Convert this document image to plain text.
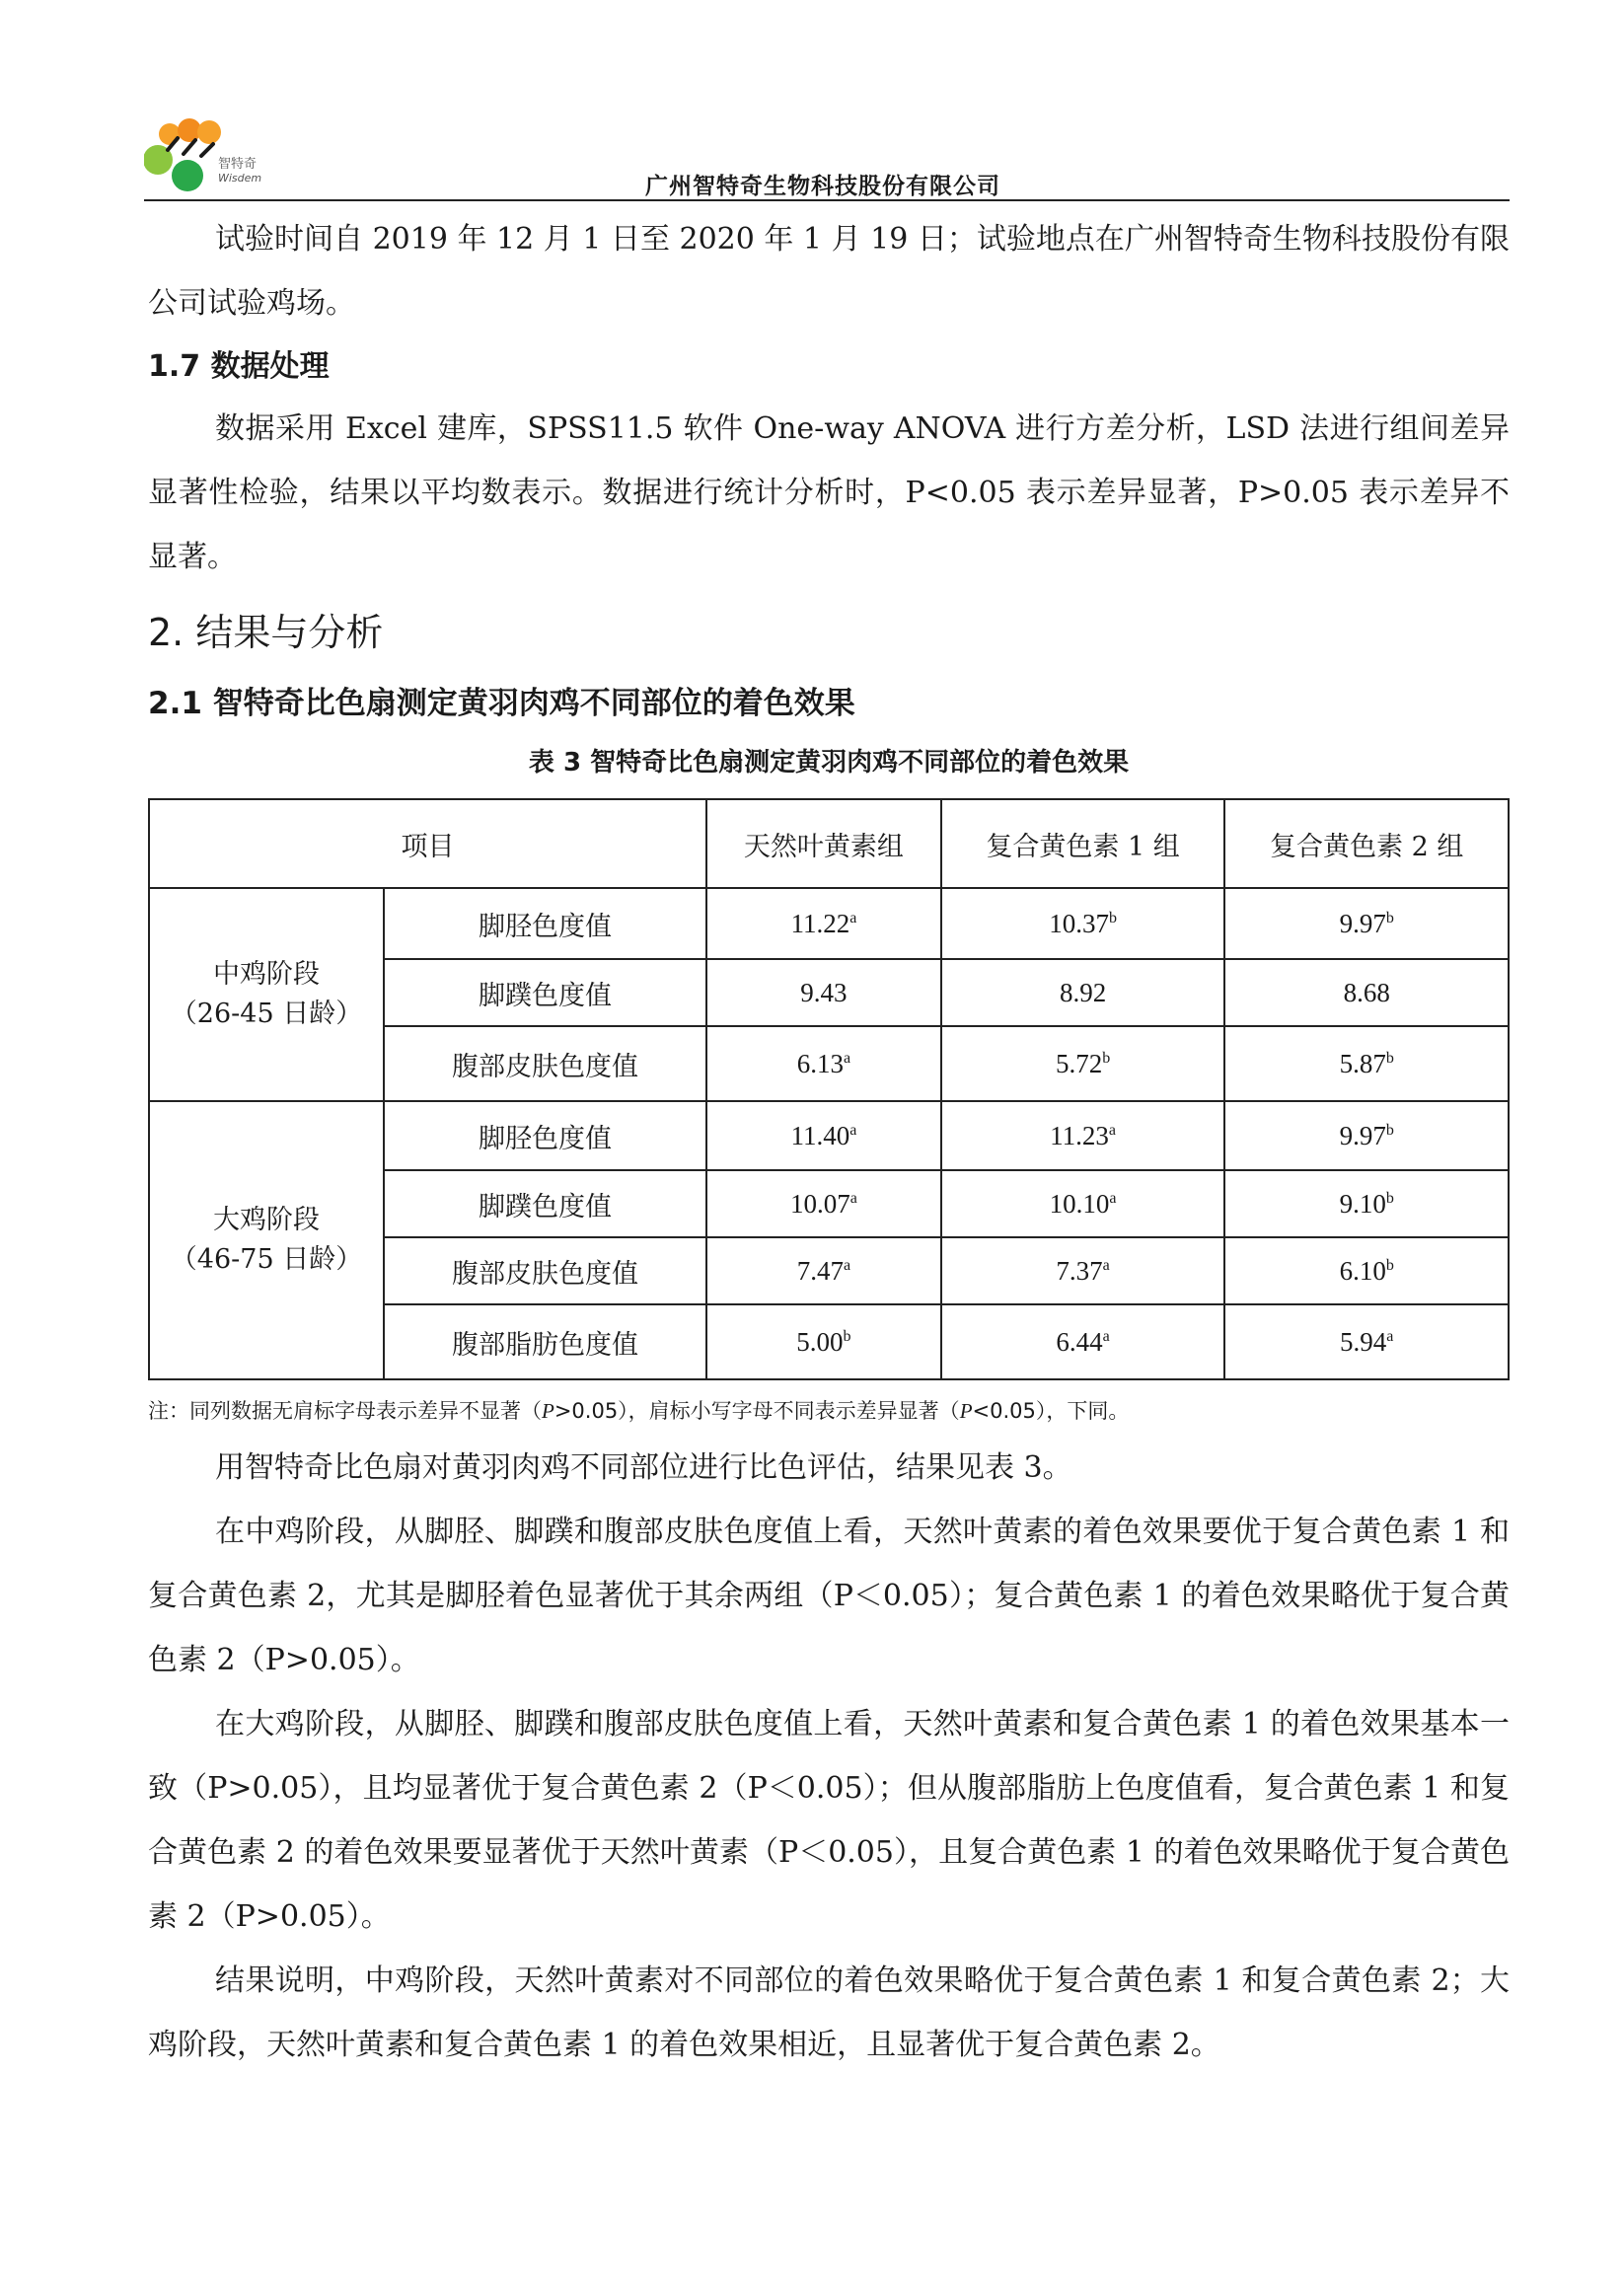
智特奇
Wisdem	广州智特奇生物科技股份有限公司

试验时间自 2019 年 12 月 1 日至 2020 年 1 月 19 日；试验地点在广州智特奇生物科技股份有限公司试验鸡场。

1.7 数据处理

数据采用 Excel 建库，SPSS11.5 软件 One-way ANOVA 进行方差分析，LSD 法进行组间差异显著性检验，结果以平均数表示。数据进行统计分析时，P<0.05 表示差异显著，P>0.05 表示差异不显著。

2. 结果与分析
2.1 智特奇比色扇测定黄羽肉鸡不同部位的着色效果
表 3 智特奇比色扇测定黄羽肉鸡不同部位的着色效果
项目		天然叶黄素组	复合黄色素 1 组	复合黄色素 2 组

中鸡阶段
（26-45 日龄）	脚胫色度值	11.22$^a$	10.37$^b$	9.97$^b$
	脚蹼色度值	9.43	8.92	8.68
	腹部皮肤色度值	6.13$^a$	5.72$^b$	5.87$^b$

大鸡阶段
（46-75 日龄）	脚胫色度值	11.40$^a$	11.23$^a$	9.97$^b$
	脚蹼色度值	10.07$^a$	10.10$^a$	9.10$^b$
	腹部皮肤色度值	7.47$^a$	7.37$^a$	6.10$^b$
	腹部脂肪色度值	5.00$^b$	6.44$^a$	5.94$^a$
注：同列数据无肩标字母表示差异不显著（P>0.05），肩标小写字母不同表示差异显著（P<0.05），下同。

用智特奇比色扇对黄羽肉鸡不同部位进行比色评估，结果见表 3。

在中鸡阶段，从脚胫、脚蹼和腹部皮肤色度值上看，天然叶黄素的着色效果要优于复合黄色素 1 和复合黄色素 2，尤其是脚胫着色显著优于其余两组（P＜0.05）；复合黄色素 1 的着色效果略优于复合黄色素 2（P>0.05）。

在大鸡阶段，从脚胫、脚蹼和腹部皮肤色度值上看，天然叶黄素和复合黄色素 1 的着色效果基本一致（P>0.05），且均显著优于复合黄色素 2（P＜0.05）；但从腹部脂肪上色度值看，复合黄色素 1 和复合黄色素 2 的着色效果要显著优于天然叶黄素（P＜0.05），且复合黄色素 1 的着色效果略优于复合黄色素 2（P>0.05）。

结果说明，中鸡阶段，天然叶黄素对不同部位的着色效果略优于复合黄色素 1 和复合黄色素 2；大鸡阶段，天然叶黄素和复合黄色素 1 的着色效果相近，且显著优于复合黄色素 2。
